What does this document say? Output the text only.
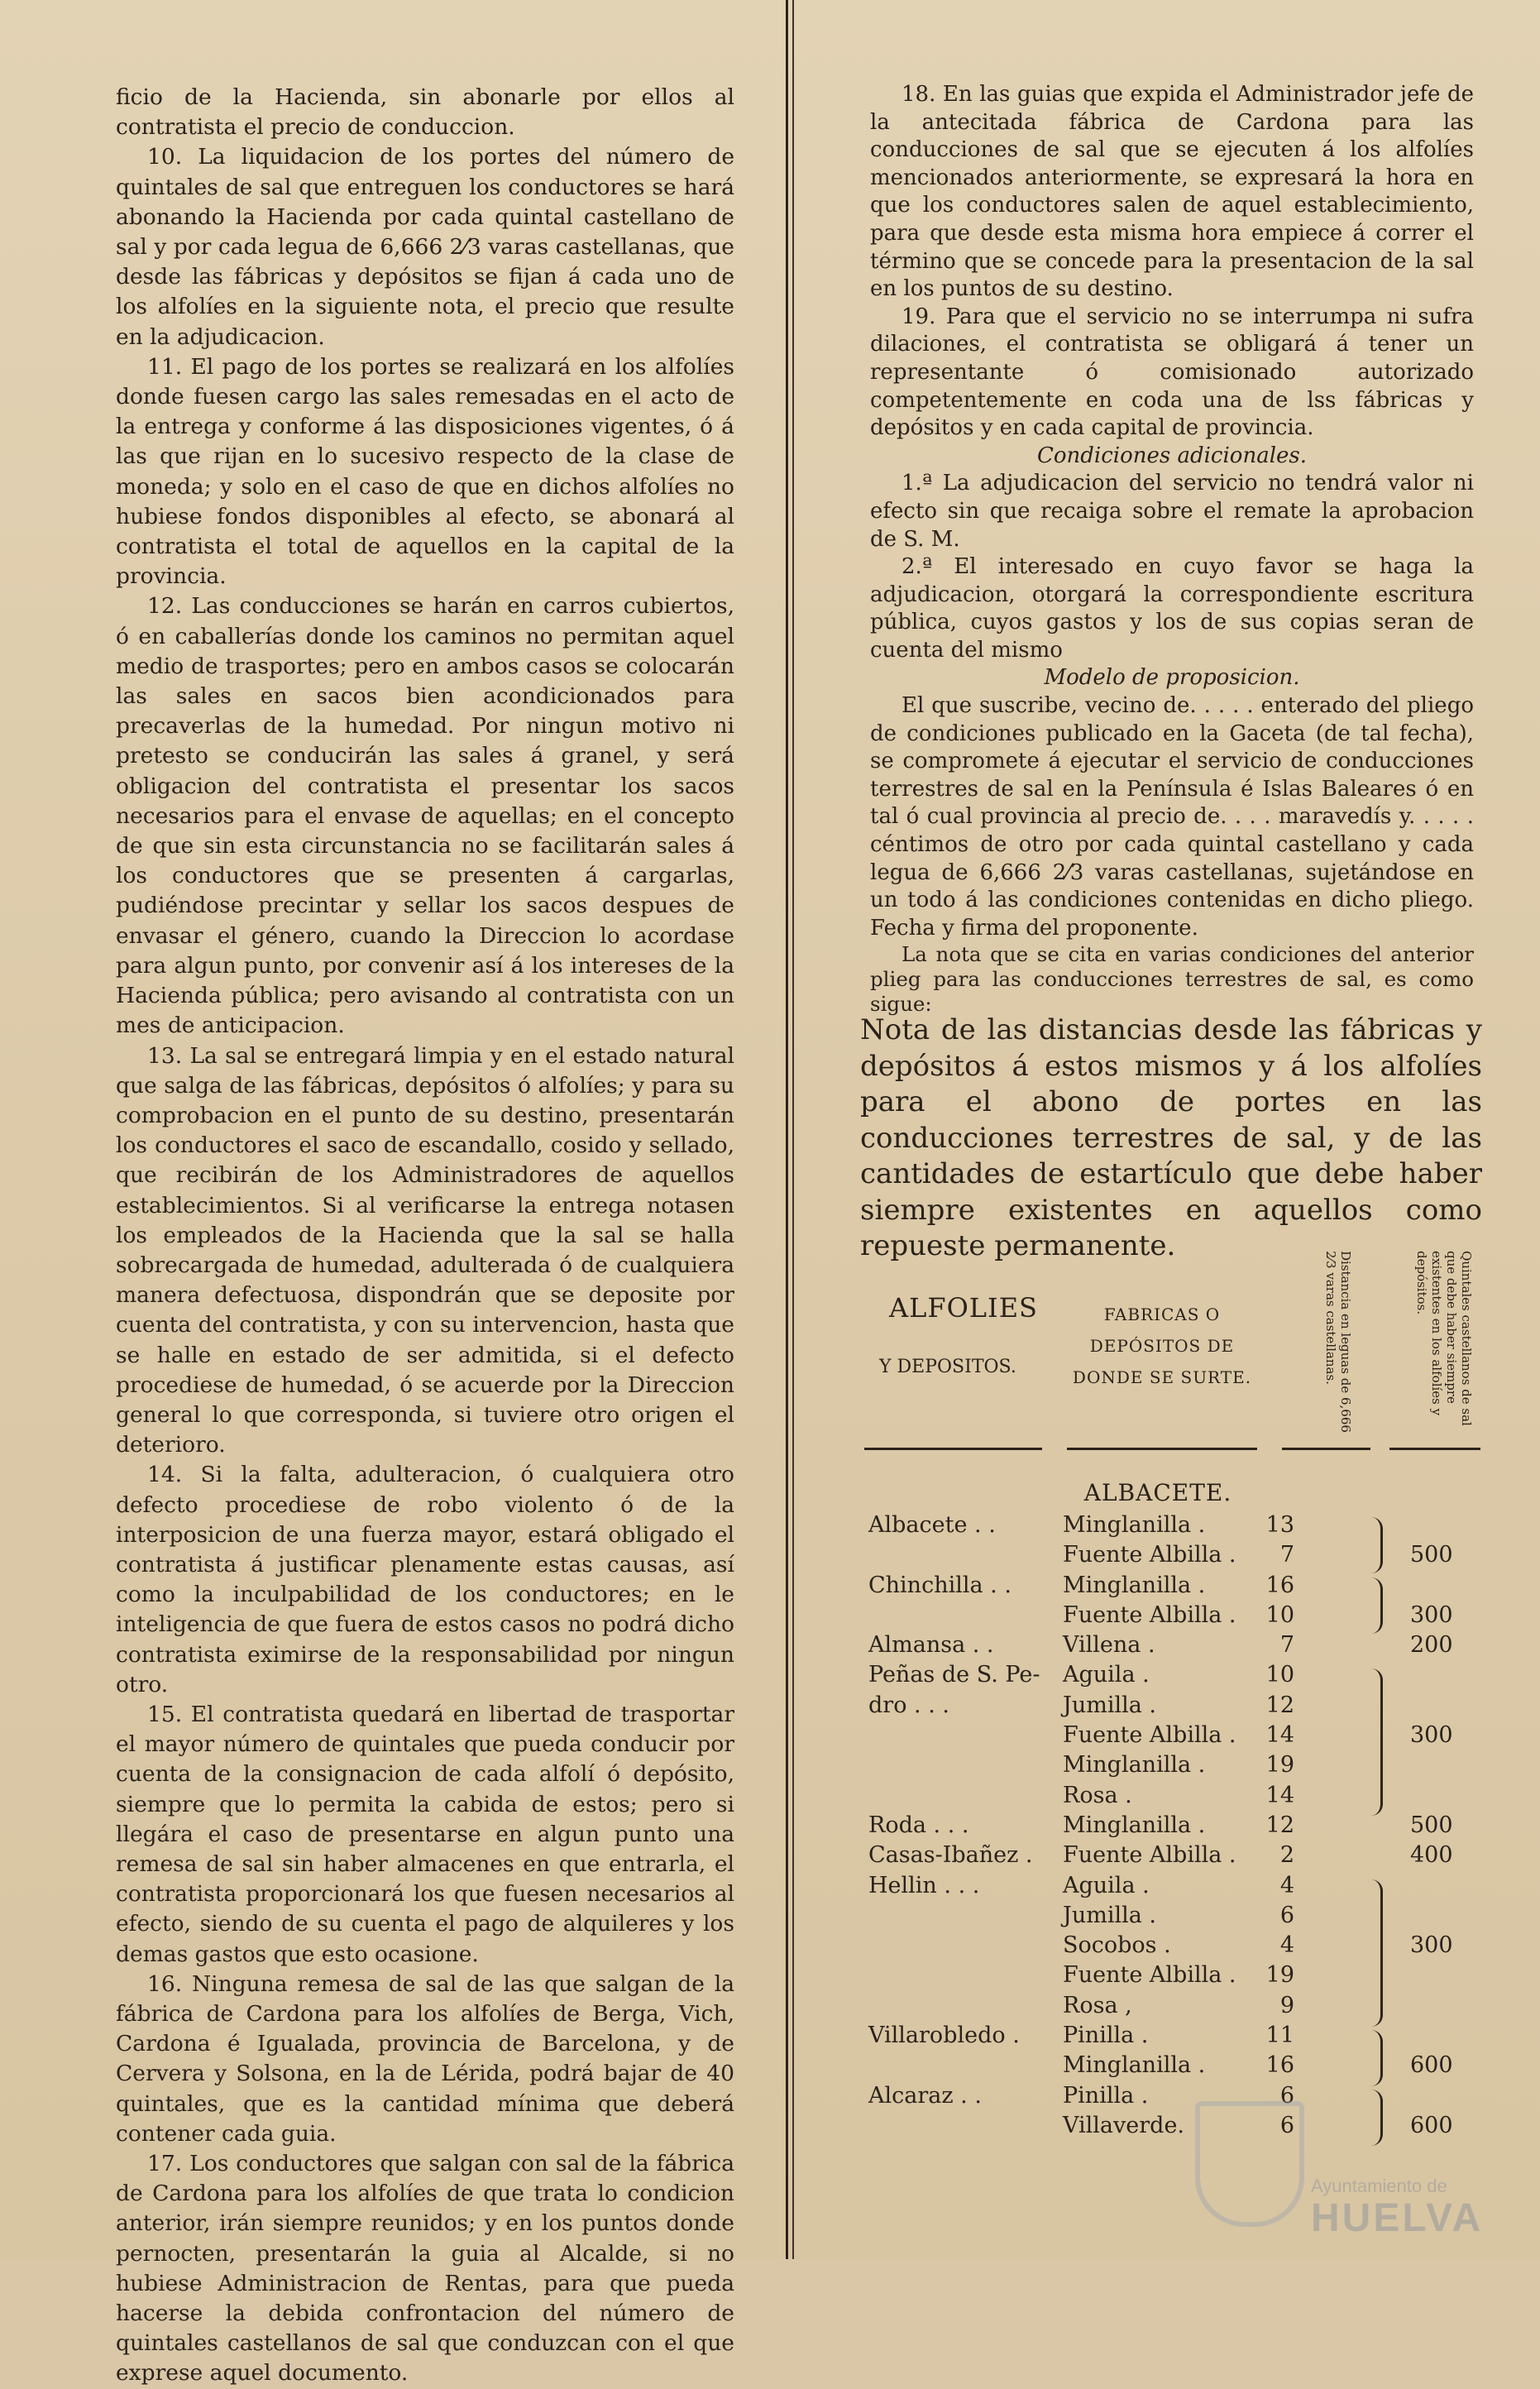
ficio de la Hacienda, sin abonarle por ellos al contratista el precio de conduccion.

10. La liquidacion de los portes del número de quintales de sal que entreguen los conductores se hará abonando la Hacienda por cada quintal castellano de sal y por cada legua de 6,666 2⁄3 varas castellanas, que desde las fábricas y depósitos se fijan á cada uno de los alfolíes en la siguiente nota, el precio que resulte en la adjudicacion.

11. El pago de los portes se realizará en los alfolíes donde fuesen cargo las sales remesadas en el acto de la entrega y conforme á las disposiciones vigentes, ó á las que rijan en lo sucesivo respecto de la clase de moneda; y solo en el caso de que en dichos alfolíes no hubiese fondos disponibles al efecto, se abonará al contratista el total de aquellos en la capital de la provincia.

12. Las conducciones se harán en carros cubiertos, ó en caballerías donde los caminos no permitan aquel medio de trasportes; pero en ambos casos se colocarán las sales en sacos bien acondicionados para precaverlas de la humedad. Por ningun motivo ni pretesto se conducirán las sales á granel, y será obligacion del contratista el presentar los sacos necesarios para el envase de aquellas; en el concepto de que sin esta circunstancia no se facilitarán sales á los conductores que se presenten á cargarlas, pudiéndose precintar y sellar los sacos despues de envasar el género, cuando la Direccion lo acordase para algun punto, por convenir así á los intereses de la Hacienda pública; pero avisando al contratista con un mes de anticipacion.

13. La sal se entregará limpia y en el estado natural que salga de las fábricas, depósitos ó alfolíes; y para su comprobacion en el punto de su destino, presentarán los conductores el saco de escandallo, cosido y sellado, que recibirán de los Administradores de aquellos establecimientos. Si al verificarse la entrega notasen los empleados de la Hacienda que la sal se halla sobrecargada de humedad, adulterada ó de cualquiera manera defectuosa, dispondrán que se deposite por cuenta del contratista, y con su intervencion, hasta que se halle en estado de ser admitida, si el defecto procediese de humedad, ó se acuerde por la Direccion general lo que corresponda, si tuviere otro origen el deterioro.

14. Si la falta, adulteracion, ó cualquiera otro defecto procediese de robo violento ó de la interposicion de una fuerza mayor, estará obligado el contratista á justificar plenamente estas causas, así como la inculpabilidad de los conductores; en le inteligencia de que fuera de estos casos no podrá dicho contratista eximirse de la responsabilidad por ningun otro.

15. El contratista quedará en libertad de trasportar el mayor número de quintales que pueda conducir por cuenta de la consignacion de cada alfolí ó depósito, siempre que lo permita la cabida de estos; pero si llegára el caso de presentarse en algun punto una remesa de sal sin haber almacenes en que entrarla, el contratista proporcionará los que fuesen necesarios al efecto, siendo de su cuenta el pago de alquileres y los demas gastos que esto ocasione.

16. Ninguna remesa de sal de las que salgan de la fábrica de Cardona para los alfolíes de Berga, Vich, Cardona é Igualada, provincia de Barcelona, y de Cervera y Solsona, en la de Lérida, podrá bajar de 40 quintales, que es la cantidad mínima que deberá contener cada guia.

17. Los conductores que salgan con sal de la fábrica de Cardona para los alfolíes de que trata lo condicion anterior, irán siempre reunidos; y en los puntos donde pernocten, presentarán la guia al Alcalde, si no hubiese Administracion de Rentas, para que pueda hacerse la debida confrontacion del número de quintales castellanos de sal que conduzcan con el que exprese aquel documento.

18. En las guias que expida el Administrador jefe de la antecitada fábrica de Cardona para las conducciones de sal que se ejecuten á los alfolíes mencionados anteriormente, se expresará la hora en que los conductores salen de aquel establecimiento, para que desde esta misma hora empiece á correr el término que se concede para la presentacion de la sal en los puntos de su destino.

19. Para que el servicio no se interrumpa ni sufra dilaciones, el contratista se obligará á tener un representante ó comisionado autorizado competentemente en coda una de lss fábricas y depósitos y en cada capital de provincia.

Condiciones adicionales.

1.ª La adjudicacion del servicio no tendrá valor ni efecto sin que recaiga sobre el remate la aprobacion de S. M.

2.ª El interesado en cuyo favor se haga la adjudicacion, otorgará la correspondiente escritura pública, cuyos gastos y los de sus copias seran de cuenta del mismo

Modelo de proposicion.

El que suscribe, vecino de. . . . . enterado del pliego de condiciones publicado en la Gaceta (de tal fecha), se compromete á ejecutar el servicio de conducciones terrestres de sal en la Península é Islas Baleares ó en tal ó cual provincia al precio de. . . . maravedís y. . . . . céntimos de otro por cada quintal castellano y cada legua de 6,666 2⁄3 varas castellanas, sujetándose en un todo á las condiciones contenidas en dicho pliego. Fecha y firma del proponente.

La nota que se cita en varias condiciones del anterior plieg para las conducciones terrestres de sal, es como sigue:

Nota de las distancias desde las fábricas y depósitos á estos mismos y á los alfolíes para el abono de portes en las conducciones terrestres de sal, y de las cantidades de estartículo que debe haber siempre existentes en aquellos como repueste permanente.
ALFOLIES
Y DEPOSITOS.
FABRICAS O DEPÓSITOS DE DONDE SE SURTE.	Distancia en leguas de 6,666 2⁄3 varas castellanas.	Quintales castellanos de sal que debe haber siempre existentes en los alfolíes y depósitos.
ALBACETE.
Albacete . .	Minglanilla .	13
Fuente Albilla .	7	500
Chinchilla . . Minglanilla .	16
Fuente Albilla . 10	300
Almansa . .	Villena .	7	200
Peñas de S. Pe- Aguila .	10
dro . . .	Jumilla .	12
Fuente Albilla . 14	300
Minglanilla .	19
Rosa .	14
Roda . . .	Minglanilla .	12	500
Casas-Ibañez . Fuente Albilla .	2	400
Hellin . . .	Aguila .	4
Jumilla .	6
Socobos .	4	300
Fuente Albilla . 19
Rosa ,	9
Villarobledo . Pinilla .	11
Minglanilla .	16	600
Alcaraz . .	Pinilla .	6
Villaverde.	6	600
Ayuntamiento de
HUELVA
